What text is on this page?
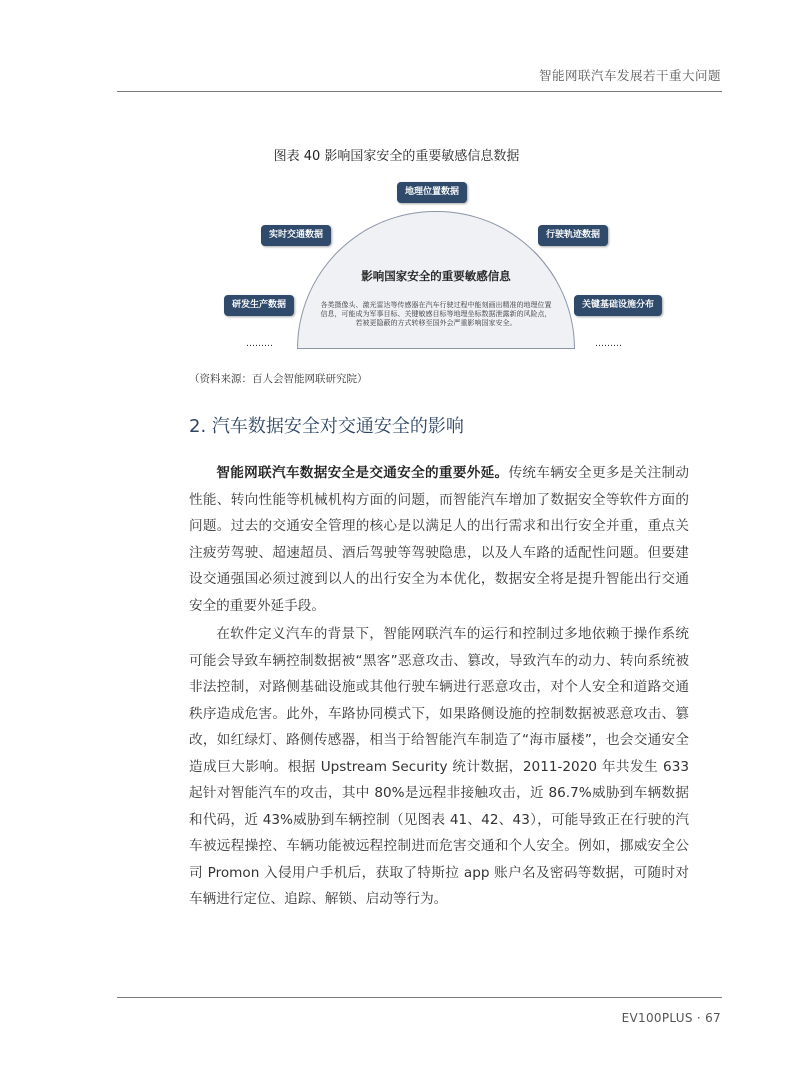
智能网联汽车发展若干重大问题
图表 40 影响国家安全的重要敏感信息数据
影响国家安全的重要敏感信息
各类摄像头、激光雷达等传感器在汽车行驶过程中能刻画出精准的地理位置信息，可能成为军事目标、关键敏感目标等地理坐标数据泄露新的风险点，若被更隐蔽的方式转移至国外会严重影响国家安全。
地理位置数据
实时交通数据	行驶轨迹数据
研发生产数据	关键基础设施分布
………	………
（资料来源：百人会智能网联研究院）
2. 汽车数据安全对交通安全的影响
智能网联汽车数据安全是交通安全的重要外延。传统车辆安全更多是关注制动性能、转向性能等机械机构方面的问题，而智能汽车增加了数据安全等软件方面的问题。过去的交通安全管理的核心是以满足人的出行需求和出行安全并重，重点关注疲劳驾驶、超速超员、酒后驾驶等驾驶隐患，以及人车路的适配性问题。但要建设交通强国必须过渡到以人的出行安全为本优化，数据安全将是提升智能出行交通安全的重要外延手段。
在软件定义汽车的背景下，智能网联汽车的运行和控制过多地依赖于操作系统可能会导致车辆控制数据被“黑客”恶意攻击、篡改，导致汽车的动力、转向系统被非法控制，对路侧基础设施或其他行驶车辆进行恶意攻击，对个人安全和道路交通秩序造成危害。此外，车路协同模式下，如果路侧设施的控制数据被恶意攻击、篡改，如红绿灯、路侧传感器，相当于给智能汽车制造了“海市蜃楼”，也会交通安全造成巨大影响。根据 Upstream Security 统计数据，2011-2020 年共发生 633 起针对智能汽车的攻击，其中 80%是远程非接触攻击，近 86.7%威胁到车辆数据和代码，近 43%威胁到车辆控制（见图表 41、42、43），可能导致正在行驶的汽车被远程操控、车辆功能被远程控制进而危害交通和个人安全。例如，挪威安全公司 Promon 入侵用户手机后，获取了特斯拉 app 账户名及密码等数据，可随时对车辆进行定位、追踪、解锁、启动等行为。
EV100PLUS · 67
